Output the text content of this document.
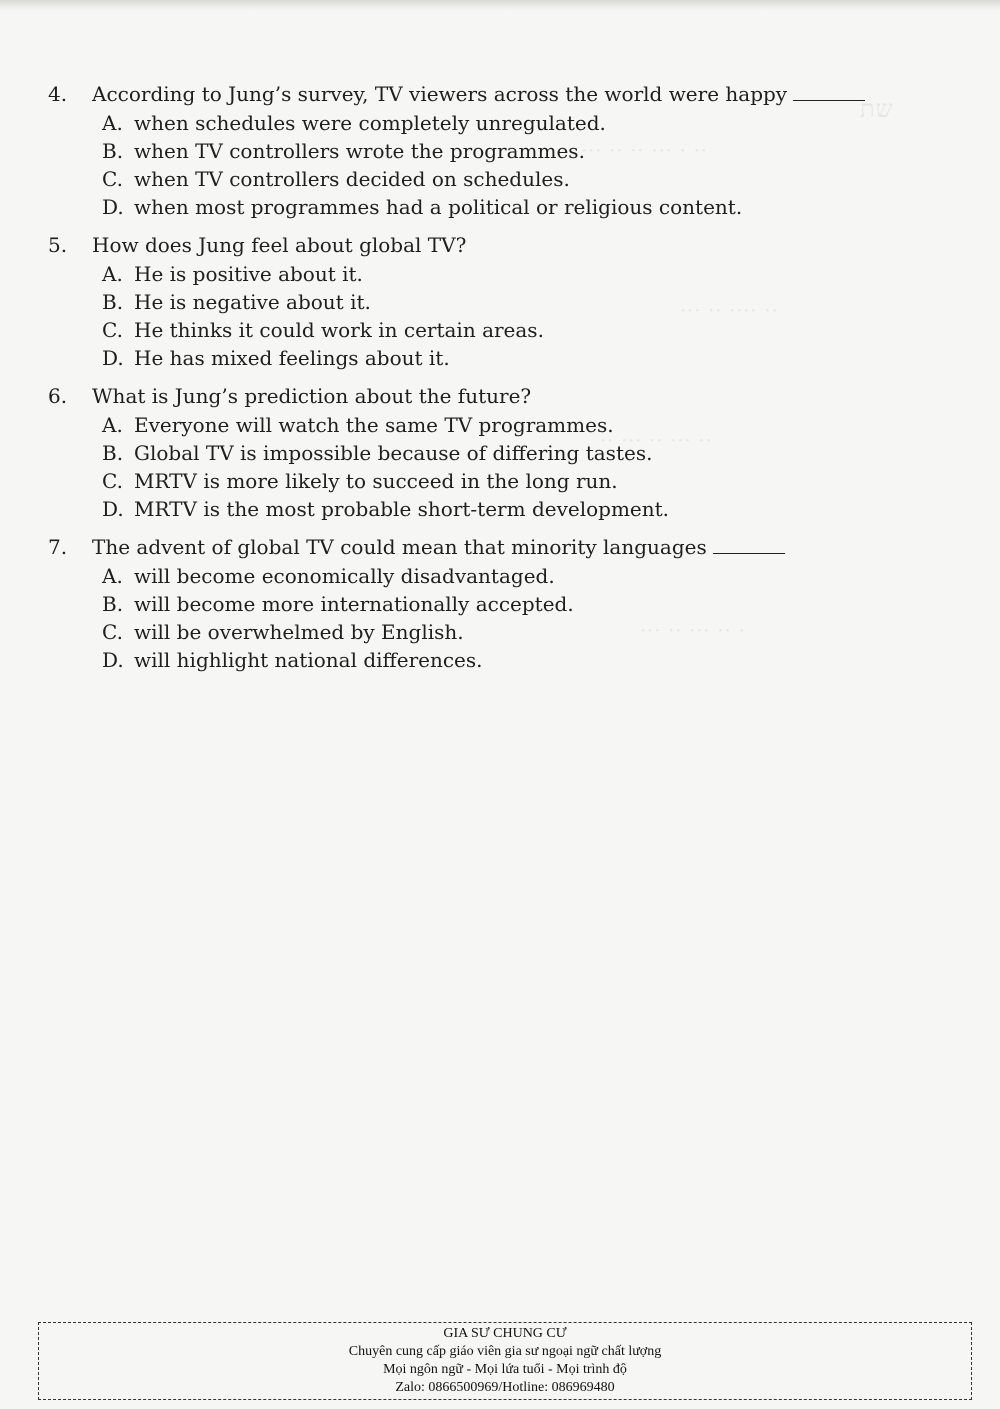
שת
·· ··· ·· ·· ··· · ··
··· ·· ···· ··
·· ··· ·· ··· ··
··· ·· ··· ·· ·
4.	According to Jung’s survey, TV viewers across the world were happy
A. when schedules were completely unregulated.
B. when TV controllers wrote the programmes.
C. when TV controllers decided on schedules.
D. when most programmes had a political or religious content.
5.	How does Jung feel about global TV?
A. He is positive about it.
B. He is negative about it.
C. He thinks it could work in certain areas.
D. He has mixed feelings about it.
6.	What is Jung’s prediction about the future?
A. Everyone will watch the same TV programmes.
B. Global TV is impossible because of differing tastes.
C. MRTV is more likely to succeed in the long run.
D. MRTV is the most probable short-term development.
7.	The advent of global TV could mean that minority languages
A. will become economically disadvantaged.
B. will become more internationally accepted.
C. will be overwhelmed by English.
D. will highlight national differences.
GIA SƯ CHUNG CƯ
Chuyên cung cấp giáo viên gia sư ngoại ngữ chất lượng
Mọi ngôn ngữ - Mọi lứa tuổi - Mọi trình độ
Zalo: 0866500969/Hotline: 086969480
